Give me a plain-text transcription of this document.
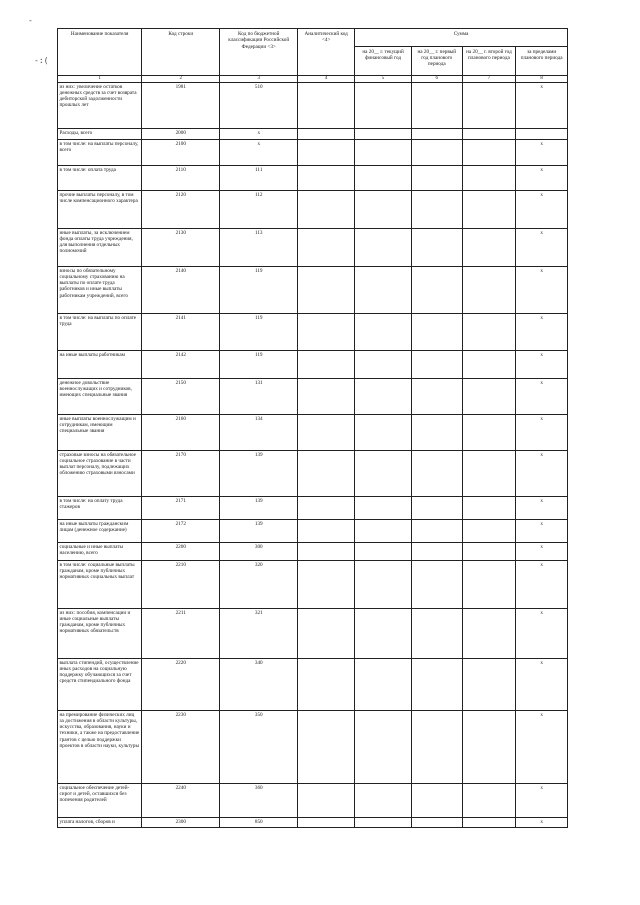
-
-:(
Наименование показателя	Код строки	Код по бюджетной классификации Российской Федерации <3>	Аналитический код <4>	Сумма			
				на 20__ г. текущий финансовый год	на 20__ г. первый год планового периода	на 20__ г. второй год планового периода	за пределами планового периода
1	2	3	4	5	6	7	8
из них: увеличение остатков денежных средств за счет возврата дебиторской задолженности прошлых лет	1981	510					x
Расходы, всего	2000	x					
в том числе: на выплаты персоналу, всего	2100	x					x
в том числе: оплата труда	2110	111					x
прочие выплаты персоналу, в том числе компенсационного характера	2120	112					x
иные выплаты, за исключением фонда оплаты труда учреждения, для выполнения отдельных полномочий	2130	113					x
взносы по обязательному социальному страхованию на выплаты по оплате труда работников и иные выплаты работникам учреждений, всего	2140	119					x
в том числе: на выплаты по оплате труда	2141	119					x
на иные выплаты работникам	2142	119					x
денежное довольствие военнослужащих и сотрудников, имеющих специальные звания	2150	131					x
иные выплаты военнослужащим и сотрудникам, имеющим специальные звания	2160	134					x
страховые взносы на обязательное социальное страхование в части выплат персоналу, подлежащих обложению страховыми взносами	2170	139					x
в том числе: на оплату труда стажеров	2171	139					x
на иные выплаты гражданским лицам (денежное содержание)	2172	139					x
социальные и иные выплаты населению, всего	2200	300					x
в том числе: социальные выплаты гражданам, кроме публичных нормативных социальных выплат	2210	320					x
из них: пособия, компенсации и иные социальные выплаты гражданам, кроме публичных нормативных обязательств	2211	321					x
выплата стипендий, осуществление иных расходов на социальную поддержку обучающихся за счет средств стипендиального фонда	2220	340					x
на премирование физических лиц за достижения в области культуры, искусства, образования, науки и техники, а также на предоставление грантов с целью поддержки проектов в области науки, культуры	2230	350					x
социальное обеспечение детей-сирот и детей, оставшихся без попечения родителей	2240	360					x
уплата налогов, сборов и	2300	850					x
